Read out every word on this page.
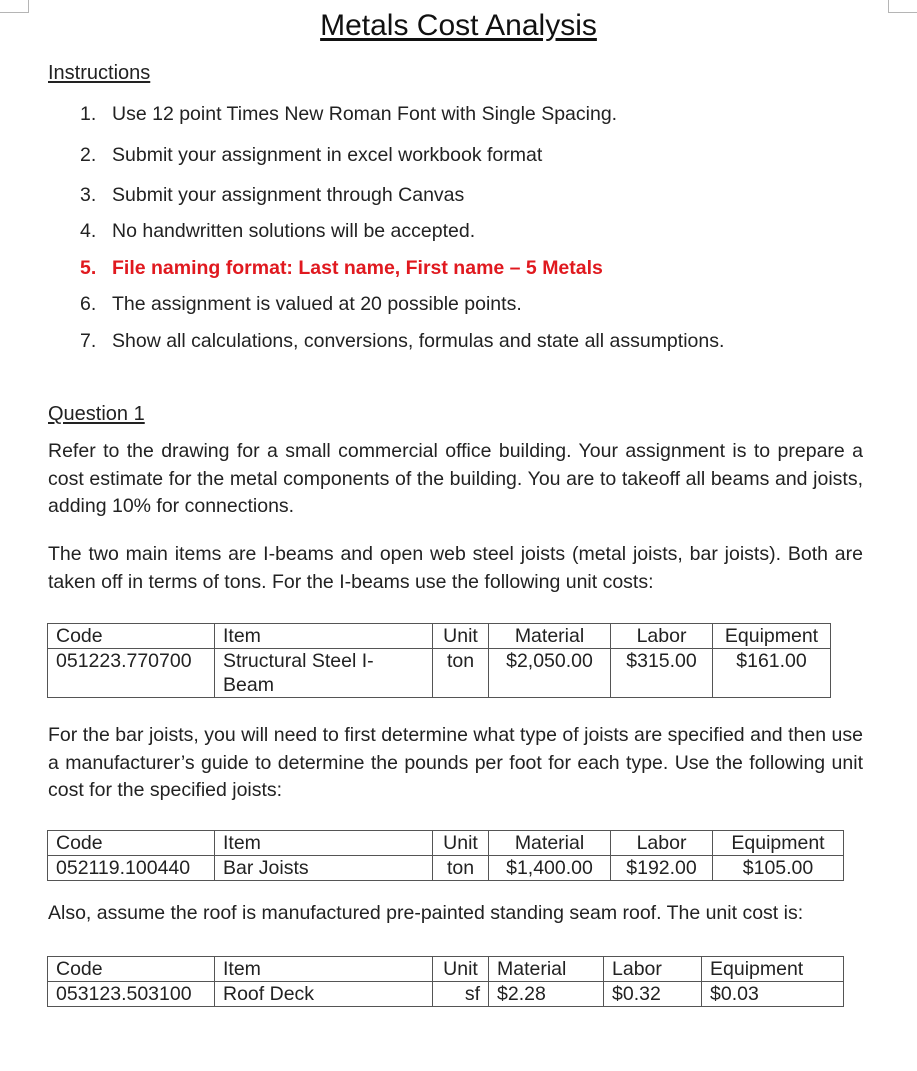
Metals Cost Analysis
Instructions
1. Use 12 point Times New Roman Font with Single Spacing.
2. Submit your assignment in excel workbook format
3. Submit your assignment through Canvas
4. No handwritten solutions will be accepted.
5. File naming format: Last name, First name – 5 Metals
6. The assignment is valued at 20 possible points.
7. Show all calculations, conversions, formulas and state all assumptions.
Question 1

Refer to the drawing for a small commercial office building. Your assignment is to prepare a cost estimate for the metal components of the building. You are to takeoff all beams and joists, adding 10% for connections.

The two main items are I-beams and open web steel joists (metal joists, bar joists). Both are taken off in terms of tons. For the I-beams use the following unit costs:

Code	Item	Unit	Material	Labor	Equipment
051223.770700	Structural Steel I-Beam	ton	$2,050.00	$315.00	$161.00

For the bar joists, you will need to first determine what type of joists are specified and then use a manufacturer’s guide to determine the pounds per foot for each type. Use the following unit cost for the specified joists:

Code	Item	Unit	Material	Labor	Equipment
052119.100440	Bar Joists	ton	$1,400.00	$192.00	$105.00

Also, assume the roof is manufactured pre-painted standing seam roof. The unit cost is:

Code	Item	Unit	Material	Labor	Equipment
053123.503100	Roof Deck	sf	$2.28	$0.32	$0.03
